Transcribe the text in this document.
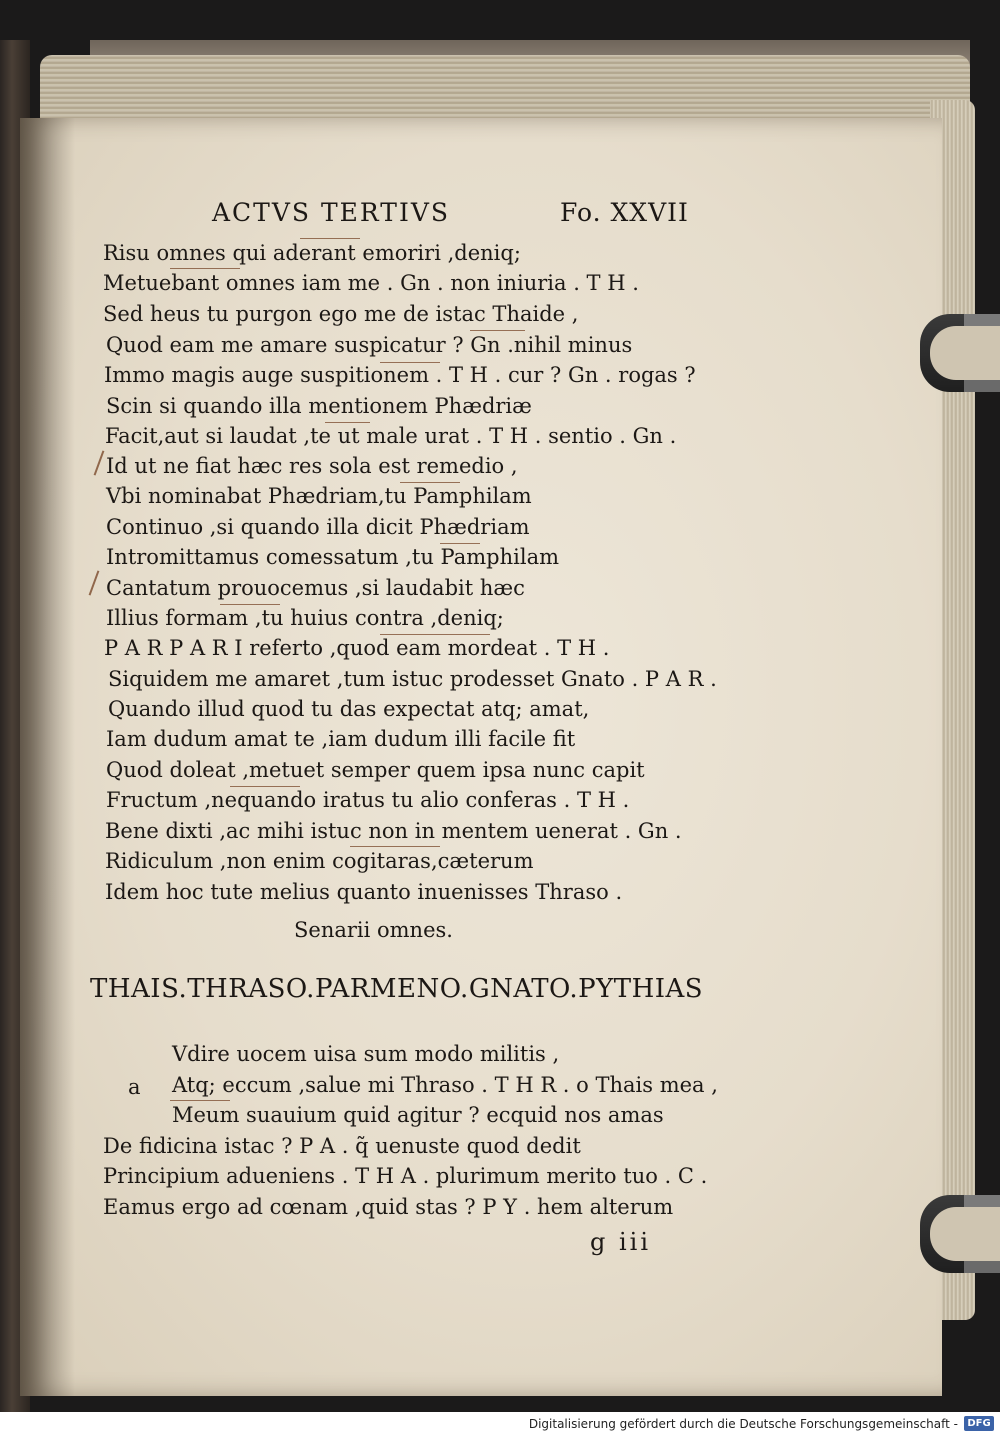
ACTVS TERTIVS	Fo. XXVII
Risu omnes qui aderant emoriri ,deniq;
Metuebant omnes iam me . Gn . non iniuria . T H .
Sed heus tu purgon ego me de istac Thaide ,
Quod eam me amare suspicatur ? Gn .nihil minus
Immo magis auge suspitionem . T H . cur ? Gn . rogas ?
Scin si quando illa mentionem Phædriæ
Facit,aut si laudat ,te ut male urat . T H . sentio . Gn .
Id ut ne fiat hæc res sola est remedio ,
Vbi nominabat Phædriam,tu Pamphilam
Continuo ,si quando illa dicit Phædriam
Intromittamus comessatum ,tu Pamphilam
Cantatum prouocemus ,si laudabit hæc
Illius formam ,tu huius contra ,deniq;
P A R P A R I referto ,quod eam mordeat . T H .
Siquidem me amaret ,tum istuc prodesset Gnato . P A R .
Quando illud quod tu das expectat atq; amat,
Iam dudum amat te ,iam dudum illi facile fit
Quod doleat ,metuet semper quem ipsa nunc capit
Fructum ,nequando iratus tu alio conferas . T H .
Bene dixti ,ac mihi istuc non in mentem uenerat . Gn .
Ridiculum ,non enim cogitaras,cæterum
Idem hoc tute melius quanto inuenisses Thraso .
Senarii omnes.
THAIS.THRASO.PARMENO.GNATO.PYTHIAS
Vdire uocem uisa sum modo militis ,
a Atq; eccum ,salue mi Thraso . T H R . o Thais mea ,
Meum suauium quid agitur ? ecquid nos amas
De fidicina istac ? P A . q̃ uenuste quod dedit
Principium adueniens . T H A . plurimum merito tuo . C .
Eamus ergo ad cœnam ,quid stas ? P Y . hem alterum
g iii
Digitalisierung gefördert durch die Deutsche Forschungsgemeinschaft - DFG
